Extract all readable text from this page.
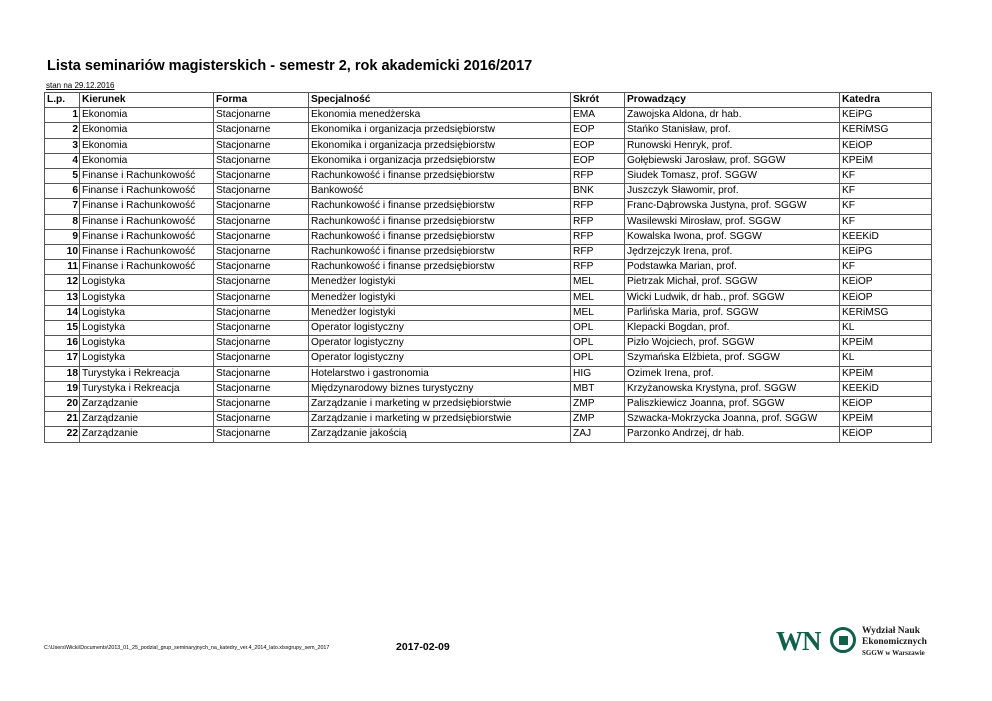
Lista seminariów magisterskich - semestr 2, rok akademicki 2016/2017
stan na 29.12.2016
L.p.	Kierunek	Forma	Specjalność	Skrót	Prowadzący	Katedra
1	Ekonomia	Stacjonarne	Ekonomia menedżerska	EMA	Zawojska Aldona, dr hab.	KEiPG
2	Ekonomia	Stacjonarne	Ekonomika i organizacja przedsiębiorstw	EOP	Stańko Stanisław, prof.	KERiMSG
3	Ekonomia	Stacjonarne	Ekonomika i organizacja przedsiębiorstw	EOP	Runowski Henryk, prof.	KEiOP
4	Ekonomia	Stacjonarne	Ekonomika i organizacja przedsiębiorstw	EOP	Gołębiewski Jarosław, prof. SGGW	KPEiM
5	Finanse i Rachunkowość	Stacjonarne	Rachunkowość i finanse przedsiębiorstw	RFP	Siudek Tomasz, prof. SGGW	KF
6	Finanse i Rachunkowość	Stacjonarne	Bankowość	BNK	Juszczyk Sławomir, prof.	KF
7	Finanse i Rachunkowość	Stacjonarne	Rachunkowość i finanse przedsiębiorstw	RFP	Franc-Dąbrowska Justyna, prof. SGGW	KF
8	Finanse i Rachunkowość	Stacjonarne	Rachunkowość i finanse przedsiębiorstw	RFP	Wasilewski Mirosław, prof. SGGW	KF
9	Finanse i Rachunkowość	Stacjonarne	Rachunkowość i finanse przedsiębiorstw	RFP	Kowalska Iwona, prof. SGGW	KEEKiD
10	Finanse i Rachunkowość	Stacjonarne	Rachunkowość i finanse przedsiębiorstw	RFP	Jędrzejczyk Irena, prof.	KEiPG
11	Finanse i Rachunkowość	Stacjonarne	Rachunkowość i finanse przedsiębiorstw	RFP	Podstawka Marian, prof.	KF
12	Logistyka	Stacjonarne	Menedżer logistyki	MEL	Pietrzak Michał, prof. SGGW	KEiOP
13	Logistyka	Stacjonarne	Menedżer logistyki	MEL	Wicki Ludwik, dr hab., prof. SGGW	KEiOP
14	Logistyka	Stacjonarne	Menedżer logistyki	MEL	Parlińska Maria, prof. SGGW	KERiMSG
15	Logistyka	Stacjonarne	Operator logistyczny	OPL	Klepacki Bogdan, prof.	KL
16	Logistyka	Stacjonarne	Operator logistyczny	OPL	Pizło Wojciech, prof. SGGW	KPEiM
17	Logistyka	Stacjonarne	Operator logistyczny	OPL	Szymańska Elżbieta, prof. SGGW	KL
18	Turystyka i Rekreacja	Stacjonarne	Hotelarstwo i gastronomia	HIG	Ozimek Irena, prof.	KPEiM
19	Turystyka i Rekreacja	Stacjonarne	Międzynarodowy biznes turystyczny	MBT	Krzyżanowska Krystyna, prof. SGGW	KEEKiD
20	Zarządzanie	Stacjonarne	Zarządzanie i marketing w przedsiębiorstwie	ZMP	Paliszkiewicz Joanna, prof. SGGW	KEiOP
21	Zarządzanie	Stacjonarne	Zarządzanie i marketing w przedsiębiorstwie	ZMP	Szwacka-Mokrzycka Joanna, prof. SGGW	KPEiM
22	Zarządzanie	Stacjonarne	Zarządzanie jakością	ZAJ	Parzonko Andrzej, dr hab.	KEiOP
C:\Users\Wicki\Documents\2013_01_25_podzial_grup_seminaryjnych_na_katedry_ver.4_2014_lato.xlsxgrupy_sem_2017	2017-02-09	WN	Wydział Nauk
Ekonomicznych
SGGW w Warszawie
